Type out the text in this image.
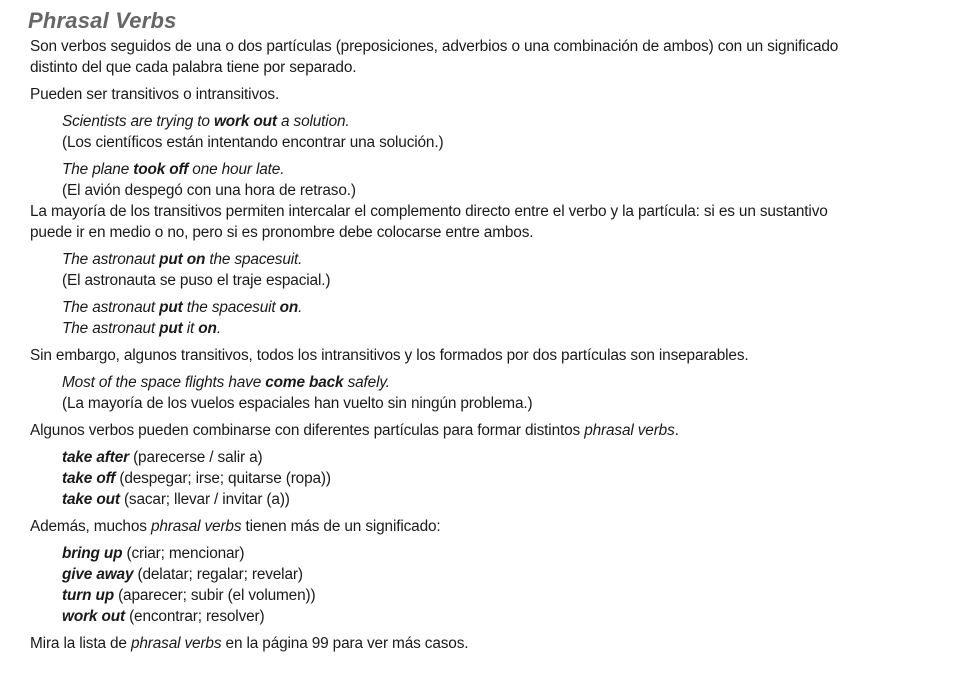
Phrasal Verbs

Son verbos seguidos de una o dos partículas (preposiciones, adverbios o una combinación de ambos) con un significado

distinto del que cada palabra tiene por separado.

Pueden ser transitivos o intransitivos.

Scientists are trying to work out a solution.

(Los científicos están intentando encontrar una solución.)

The plane took off one hour late.

(El avión despegó con una hora de retraso.)

La mayoría de los transitivos permiten intercalar el complemento directo entre el verbo y la partícula: si es un sustantivo

puede ir en medio o no, pero si es pronombre debe colocarse entre ambos.

The astronaut put on the spacesuit.

(El astronauta se puso el traje espacial.)

The astronaut put the spacesuit on.

The astronaut put it on.

Sin embargo, algunos transitivos, todos los intransitivos y los formados por dos partículas son inseparables.

Most of the space flights have come back safely.

(La mayoría de los vuelos espaciales han vuelto sin ningún problema.)

Algunos verbos pueden combinarse con diferentes partículas para formar distintos phrasal verbs.

take after (parecerse / salir a)

take off (despegar; irse; quitarse (ropa))

take out (sacar; llevar / invitar (a))

Además, muchos phrasal verbs tienen más de un significado:

bring up (criar; mencionar)

give away (delatar; regalar; revelar)

turn up (aparecer; subir (el volumen))

work out (encontrar; resolver)

Mira la lista de phrasal verbs en la página 99 para ver más casos.
